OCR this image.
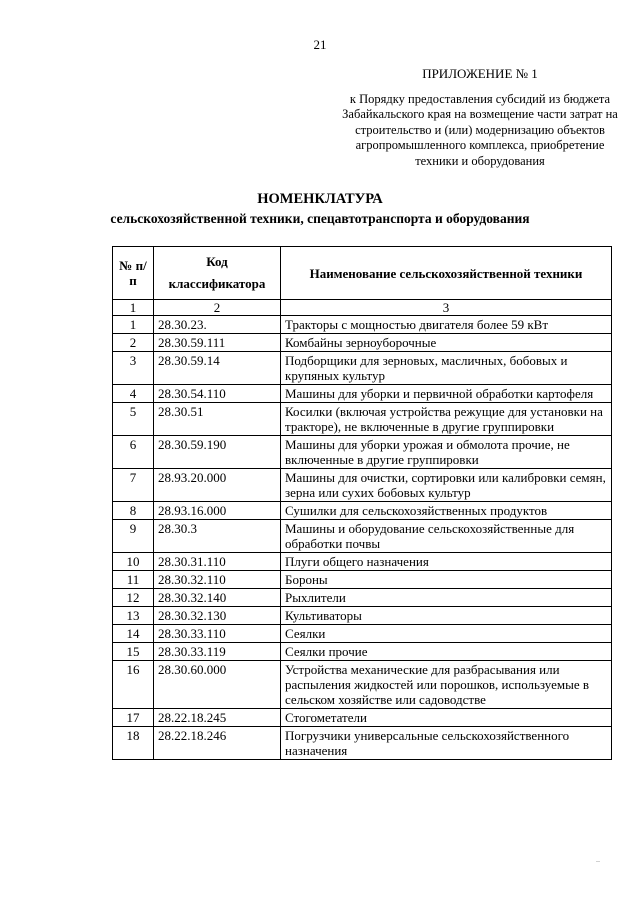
21
ПРИЛОЖЕНИЕ № 1
к Порядку предоставления субсидий из бюджета
Забайкальского края на возмещение части затрат на
строительство и (или) модернизацию объектов
агропромышленного комплекса, приобретение
техники и оборудования
НОМЕНКЛАТУРА
сельскохозяйственной техники, спецавтотранспорта и оборудования
№ п/п	Код классификатора	Наименование сельскохозяйственной техники
1	2	3
1	28.30.23.	Тракторы с мощностью двигателя более 59 кВт
2	28.30.59.111	Комбайны зерноуборочные
3	28.30.59.14	Подборщики для зерновых, масличных, бобовых и крупяных культур
4	28.30.54.110	Машины для уборки и первичной обработки картофеля
5	28.30.51	Косилки (включая устройства режущие для установки на тракторе), не включенные в другие группировки
6	28.30.59.190	Машины для уборки урожая и обмолота прочие, не включенные в другие группировки
7	28.93.20.000	Машины для очистки, сортировки или калибровки семян, зерна или сухих бобовых культур
8	28.93.16.000	Сушилки для сельскохозяйственных продуктов
9	28.30.3	Машины и оборудование сельскохозяйственные для обработки почвы
10	28.30.31.110	Плуги общего назначения
11	28.30.32.110	Бороны
12	28.30.32.140	Рыхлители
13	28.30.32.130	Культиваторы
14	28.30.33.110	Сеялки
15	28.30.33.119	Сеялки прочие
16	28.30.60.000	Устройства механические для разбрасывания или распыления жидкостей или порошков, используемые в сельском хозяйстве или садоводстве
17	28.22.18.245	Стогометатели
18	28.22.18.246	Погрузчики универсальные сельскохозяйственного назначения
..
